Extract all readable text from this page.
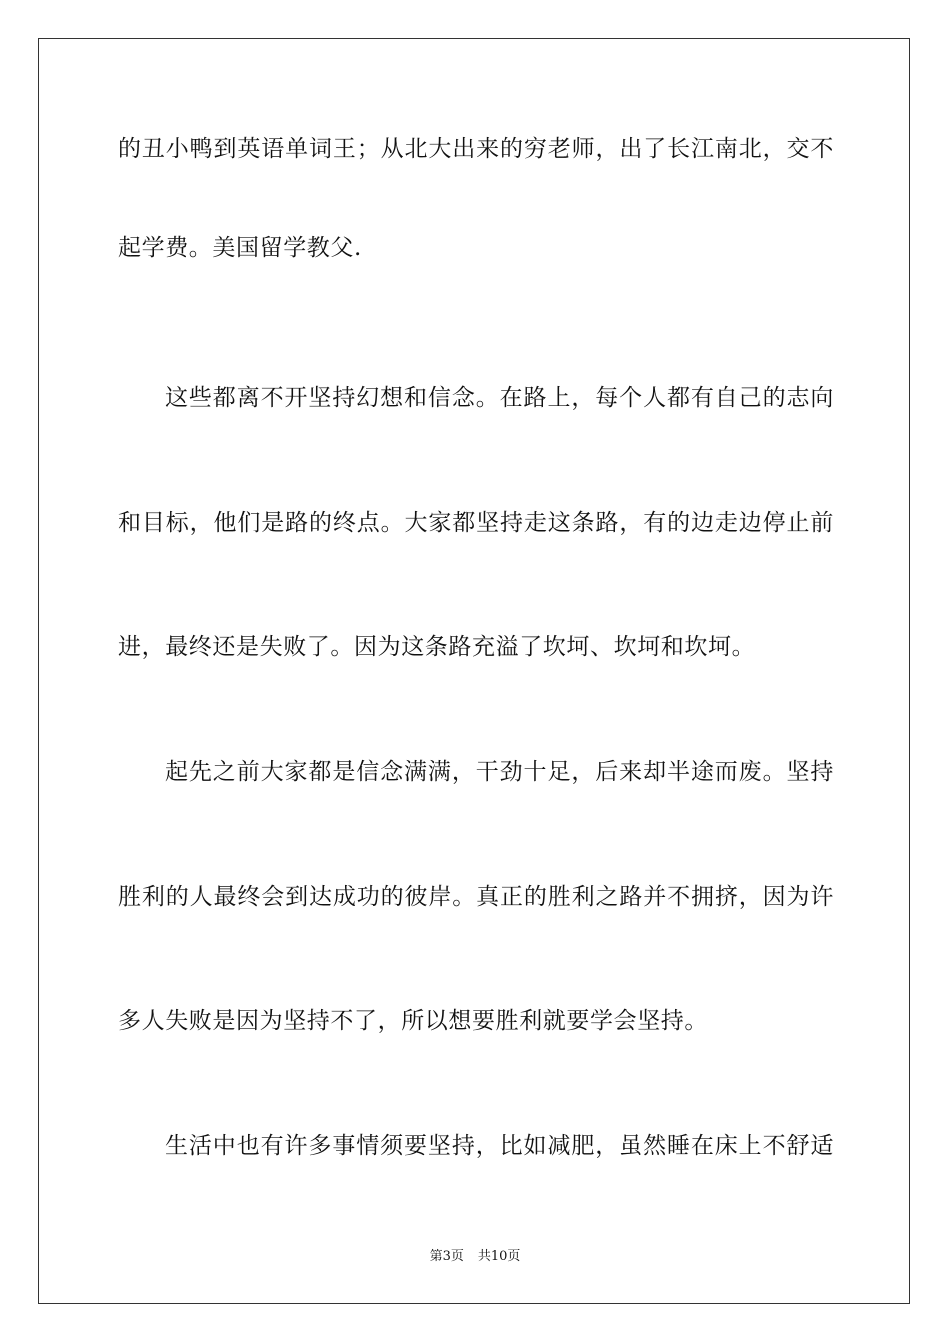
的丑小鸭到英语单词王；从北大出来的穷老师，出了长江南北，交不
起学费。美国留学教父.
这些都离不开坚持幻想和信念。在路上，每个人都有自己的志向
和目标，他们是路的终点。大家都坚持走这条路，有的边走边停止前
进，最终还是失败了。因为这条路充溢了坎坷、坎坷和坎坷。
起先之前大家都是信念满满，干劲十足，后来却半途而废。坚持
胜利的人最终会到达成功的彼岸。真正的胜利之路并不拥挤，因为许
多人失败是因为坚持不了，所以想要胜利就要学会坚持。
生活中也有许多事情须要坚持，比如减肥，虽然睡在床上不舒适
第3页 共10页
